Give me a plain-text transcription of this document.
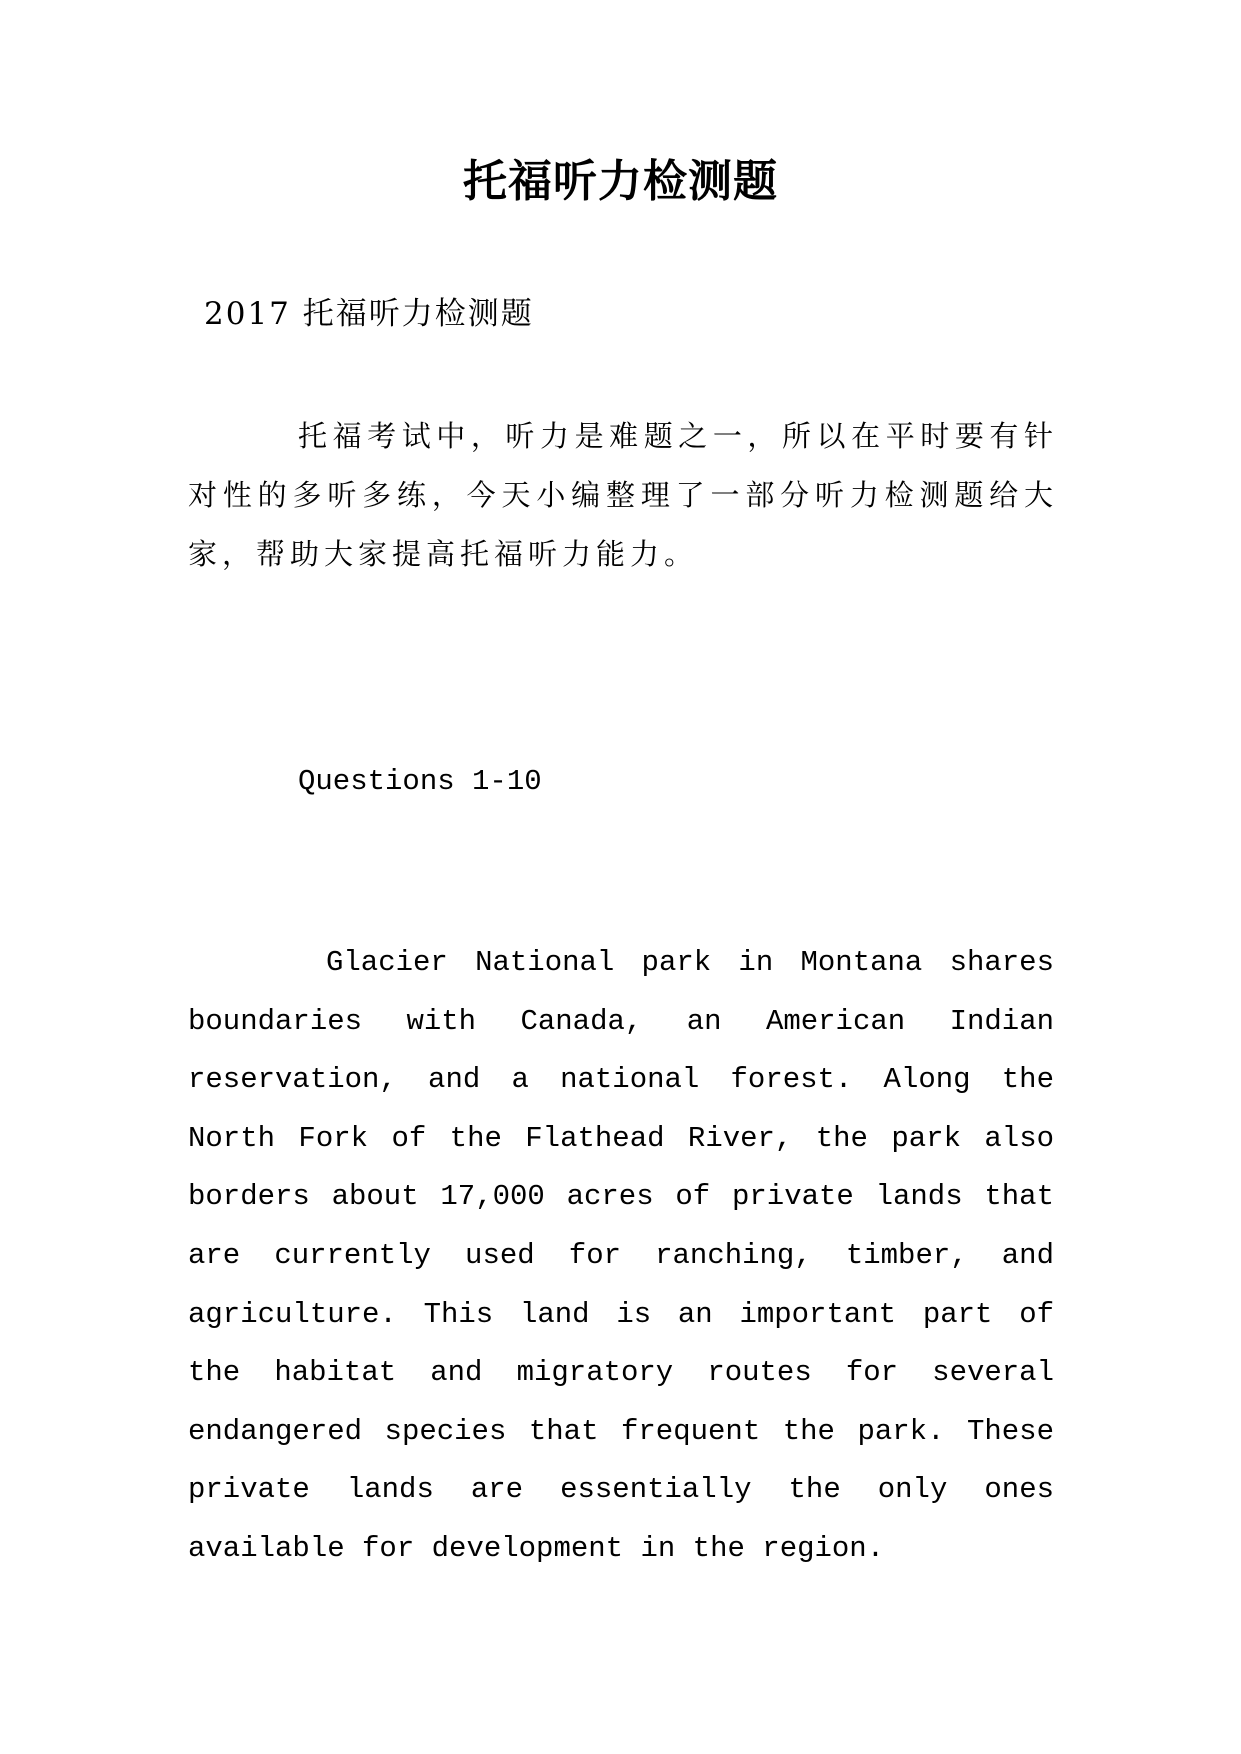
托福听力检测题
2017 托福听力检测题
托福考试中，听力是难题之一，所以在平时要有针对性的多听多练，今天小编整理了一部分听力检测题给大家，帮助大家提高托福听力能力。
Questions 1-10
Glacier National park in Montana shares boundaries with Canada, an American Indian reservation, and a national forest. Along the North Fork of the Flathead River, the park also borders about 17,000 acres of private lands that are currently used for ranching, timber, and agriculture. This land is an important part of the habitat and migratory routes for several endangered species that frequent the park. These private lands are essentially the only ones available for development in the region.
